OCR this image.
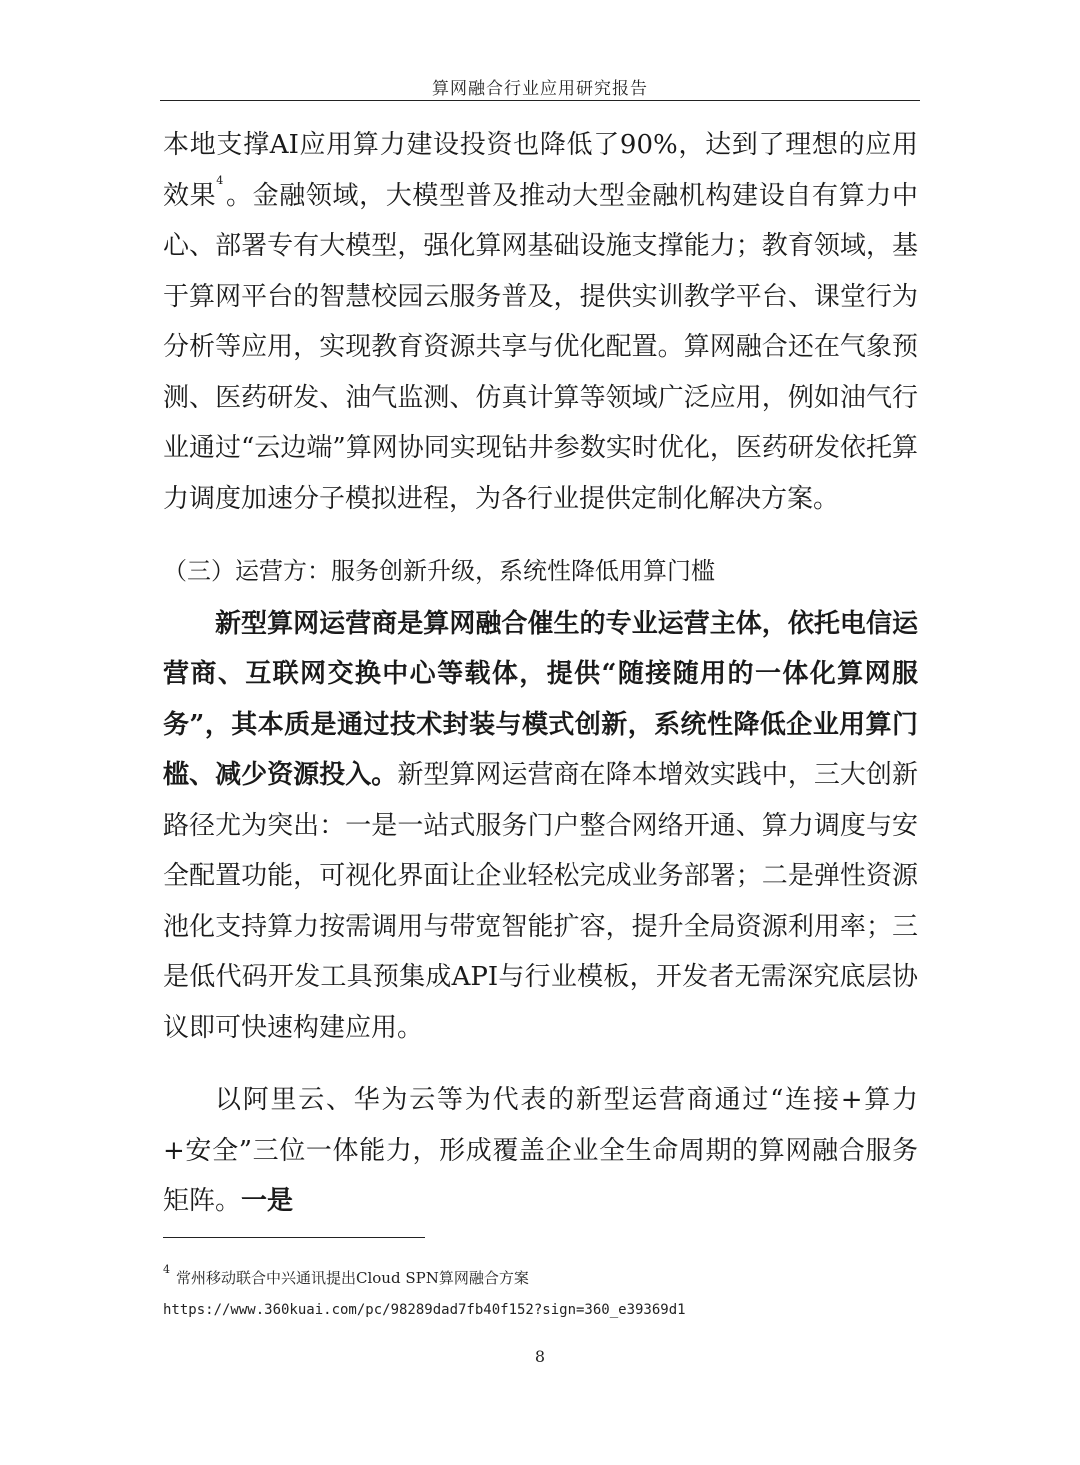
算网融合行业应用研究报告

本地支撑AI应用算力建设投资也降低了90%，达到了理想的应用效果$^4$。金融领域，大模型普及推动大型金融机构建设自有算力中心、部署专有大模型，强化算网基础设施支撑能力；教育领域，基于算网平台的智慧校园云服务普及，提供实训教学平台、课堂行为分析等应用，实现教育资源共享与优化配置。算网融合还在气象预测、医药研发、油气监测、仿真计算等领域广泛应用，例如油气行业通过“云边端”算网协同实现钻井参数实时优化，医药研发依托算力调度加速分子模拟进程，为各行业提供定制化解决方案。

（三）运营方：服务创新升级，系统性降低用算门槛

新型算网运营商是算网融合催生的专业运营主体，依托电信运营商、互联网交换中心等载体，提供“随接随用的一体化算网服务”，其本质是通过技术封装与模式创新，系统性降低企业用算门槛、减少资源投入。新型算网运营商在降本增效实践中，三大创新路径尤为突出：一是一站式服务门户整合网络开通、算力调度与安全配置功能，可视化界面让企业轻松完成业务部署；二是弹性资源池化支持算力按需调用与带宽智能扩容，提升全局资源利用率；三是低代码开发工具预集成API与行业模板，开发者无需深究底层协议即可快速构建应用。

以阿里云、华为云等为代表的新型运营商通过“连接+算力+安全”三位一体能力，形成覆盖企业全生命周期的算网融合服务矩阵。一是

$^4$ 常州移动联合中兴通讯提出Cloud SPN算网融合方案
https://www.360kuai.com/pc/98289dad7fb40f152?sign=360_e39369d1
8
